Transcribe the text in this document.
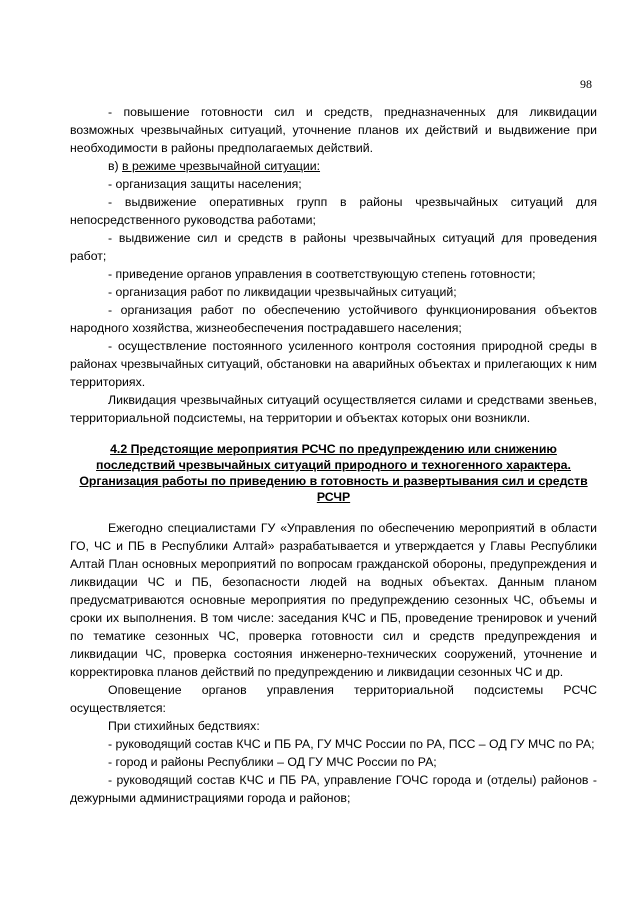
98

- повышение готовности сил и средств, предназначенных для ликвидации возможных чрезвычайных ситуаций, уточнение планов их действий и выдвижение при необходимости в районы предполагаемых действий.

в) в режиме чрезвычайной ситуации:

- организация защиты населения;

- выдвижение оперативных групп в районы чрезвычайных ситуаций для непосредственного руководства работами;

- выдвижение сил и средств в районы чрезвычайных ситуаций для проведения работ;

- приведение органов управления в соответствующую степень готовности;

- организация работ по ликвидации чрезвычайных ситуаций;

- организация работ по обеспечению устойчивого функционирования объектов народного хозяйства, жизнеобеспечения пострадавшего населения;

- осуществление постоянного усиленного контроля состояния природной среды в районах чрезвычайных ситуаций, обстановки на аварийных объектах и прилегающих к ним территориях.

Ликвидация чрезвычайных ситуаций осуществляется силами и средствами звеньев, территориальной подсистемы, на территории и объектах которых они возникли.

4.2 Предстоящие мероприятия РСЧС по предупреждению или снижению последствий чрезвычайных ситуаций природного и техногенного характера. Организация работы по приведению в готовность и развертывания сил и средств РСЧР

Ежегодно специалистами ГУ «Управления по обеспечению мероприятий в области ГО, ЧС и ПБ в Республики Алтай» разрабатывается и утверждается у Главы Республики Алтай План основных мероприятий по вопросам гражданской обороны, предупреждения и ликвидации ЧС и ПБ, безопасности людей на водных объектах. Данным планом предусматриваются основные мероприятия по предупреждению сезонных ЧС, объемы и сроки их выполнения. В том числе: заседания КЧС и ПБ, проведение тренировок и учений по тематике сезонных ЧС, проверка готовности сил и средств предупреждения и ликвидации ЧС, проверка состояния инженерно-технических сооружений, уточнение и корректировка планов действий по предупреждению и ликвидации сезонных ЧС и др.

Оповещение органов управления территориальной подсистемы РСЧС осуществляется:

При стихийных бедствиях:

- руководящий состав КЧС и ПБ РА, ГУ МЧС России по РА, ПСС – ОД ГУ МЧС по РА;

- город и районы Республики – ОД ГУ МЧС России по РА;

- руководящий состав КЧС и ПБ РА, управление ГОЧС города и (отделы) районов - дежурными администрациями города и районов;
